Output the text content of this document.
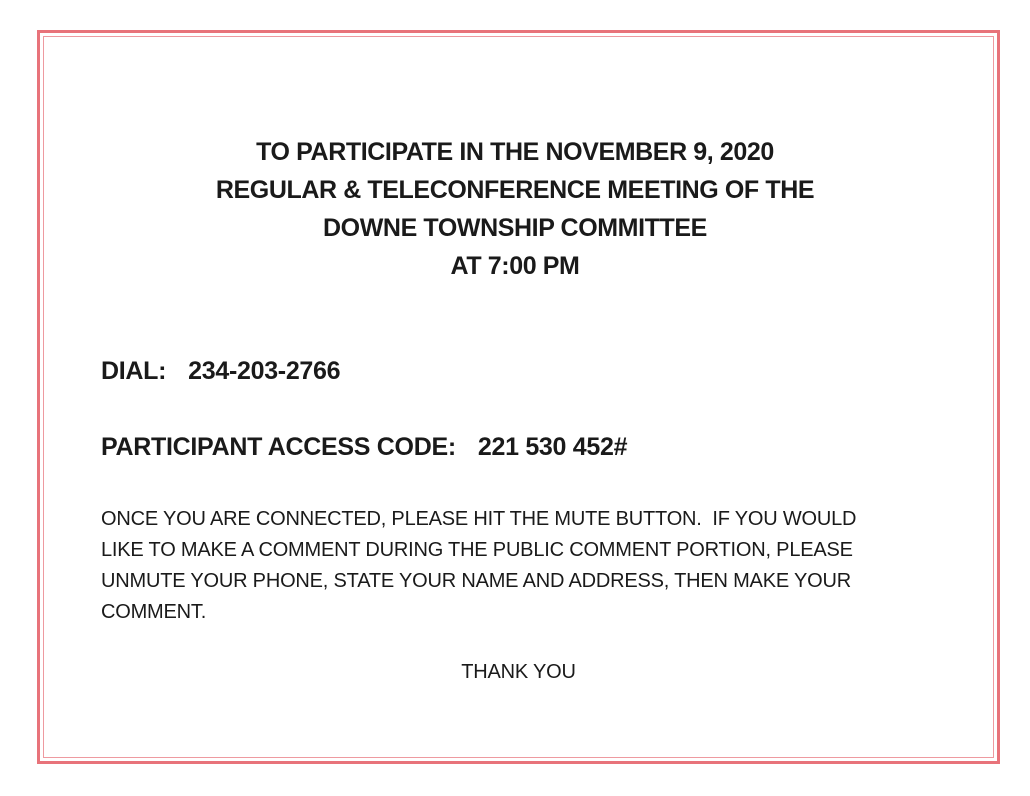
TO PARTICIPATE IN THE NOVEMBER 9, 2020
REGULAR & TELECONFERENCE MEETING OF THE
DOWNE TOWNSHIP COMMITTEE
AT 7:00 PM
DIAL: 234-203-2766
PARTICIPANT ACCESS CODE: 221 530 452#
ONCE YOU ARE CONNECTED, PLEASE HIT THE MUTE BUTTON.  IF YOU WOULD
LIKE TO MAKE A COMMENT DURING THE PUBLIC COMMENT PORTION, PLEASE
UNMUTE YOUR PHONE, STATE YOUR NAME AND ADDRESS, THEN MAKE YOUR
COMMENT.
THANK YOU
